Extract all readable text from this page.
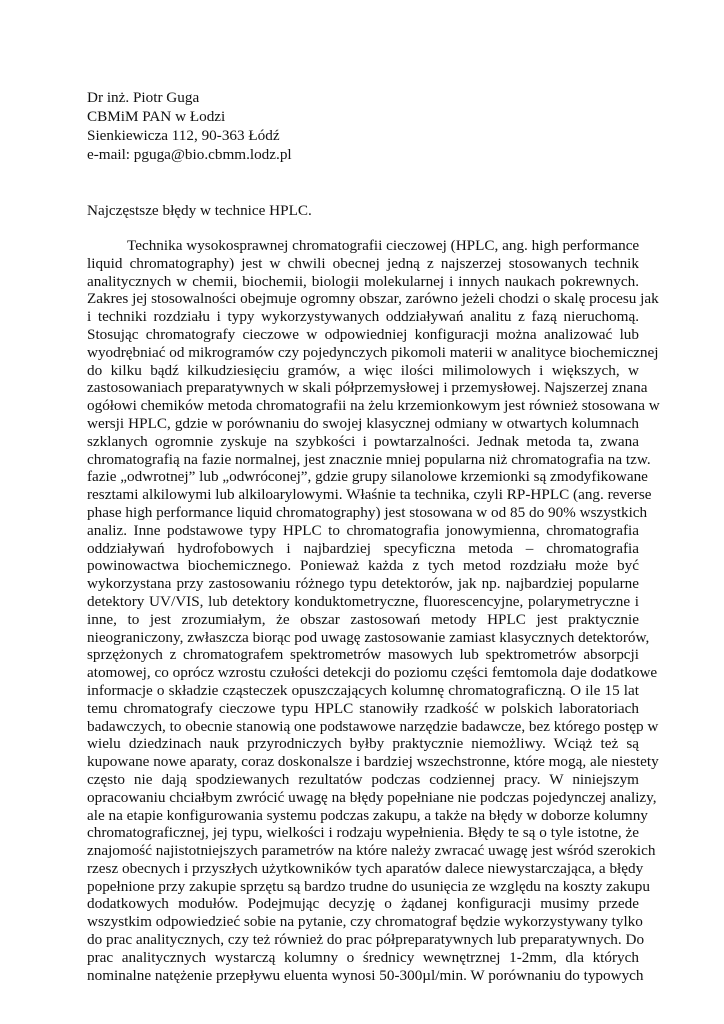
Dr inż. Piotr Guga

CBMiM PAN w Łodzi

Sienkiewicza 112, 90-363 Łódź

e-mail: pguga@bio.cbmm.lodz.pl

Najczęstsze błędy w technice HPLC.

Technika wysokosprawnej chromatografii cieczowej (HPLC, ang. high performance
liquid chromatography) jest w chwili obecnej jedną z najszerzej stosowanych technik
analitycznych w chemii, biochemii, biologii molekularnej i innych naukach pokrewnych.
Zakres jej stosowalności obejmuje ogromny obszar, zarówno jeżeli chodzi o skalę procesu jak
i techniki rozdziału i typy wykorzystywanych oddziaływań analitu z fazą nieruchomą.
Stosując chromatografy cieczowe w odpowiedniej konfiguracji można analizować lub
wyodrębniać od mikrogramów czy pojedynczych pikomoli materii w analityce biochemicznej
do kilku bądź kilkudziesięciu gramów, a więc ilości milimolowych i większych, w
zastosowaniach preparatywnych w skali półprzemysłowej i przemysłowej. Najszerzej znana
ogółowi chemików metoda chromatografii na żelu krzemionkowym jest również stosowana w
wersji HPLC, gdzie w porównaniu do swojej klasycznej odmiany w otwartych kolumnach
szklanych ogromnie zyskuje na szybkości i powtarzalności. Jednak metoda ta, zwana
chromatografią na fazie normalnej, jest znacznie mniej popularna niż chromatografia na tzw.
fazie „odwrotnej” lub „odwróconej”, gdzie grupy silanolowe krzemionki są zmodyfikowane
resztami alkilowymi lub alkiloarylowymi. Właśnie ta technika, czyli RP-HPLC (ang. reverse
phase high performance liquid chromatography) jest stosowana w od 85 do 90% wszystkich
analiz. Inne podstawowe typy HPLC to chromatografia jonowymienna, chromatografia
oddziaływań hydrofobowych i najbardziej specyficzna metoda – chromatografia
powinowactwa biochemicznego. Ponieważ każda z tych metod rozdziału może być
wykorzystana przy zastosowaniu różnego typu detektorów, jak np. najbardziej popularne
detektory UV/VIS, lub detektory konduktometryczne, fluorescencyjne, polarymetryczne i
inne, to jest zrozumiałym, że obszar zastosowań metody HPLC jest praktycznie
nieograniczony, zwłaszcza biorąc pod uwagę zastosowanie zamiast klasycznych detektorów,
sprzężonych z chromatografem spektrometrów masowych lub spektrometrów absorpcji
atomowej, co oprócz wzrostu czułości detekcji do poziomu części femtomola daje dodatkowe
informacje o składzie cząsteczek opuszczających kolumnę chromatograficzną. O ile 15 lat
temu chromatografy cieczowe typu HPLC stanowiły rzadkość w polskich laboratoriach
badawczych, to obecnie stanowią one podstawowe narzędzie badawcze, bez którego postęp w
wielu dziedzinach nauk przyrodniczych byłby praktycznie niemożliwy. Wciąż też są
kupowane nowe aparaty, coraz doskonalsze i bardziej wszechstronne, które mogą, ale niestety
często nie dają spodziewanych rezultatów podczas codziennej pracy. W niniejszym
opracowaniu chciałbym zwrócić uwagę na błędy popełniane nie podczas pojedynczej analizy,
ale na etapie konfigurowania systemu podczas zakupu, a także na błędy w doborze kolumny
chromatograficznej, jej typu, wielkości i rodzaju wypełnienia. Błędy te są o tyle istotne, że
znajomość najistotniejszych parametrów na które należy zwracać uwagę jest wśród szerokich
rzesz obecnych i przyszłych użytkowników tych aparatów dalece niewystarczająca, a błędy
popełnione przy zakupie sprzętu są bardzo trudne do usunięcia ze względu na koszty zakupu
dodatkowych modułów. Podejmując decyzję o żądanej konfiguracji musimy przede
wszystkim odpowiedzieć sobie na pytanie, czy chromatograf będzie wykorzystywany tylko
do prac analitycznych, czy też również do prac półpreparatywnych lub preparatywnych. Do
prac analitycznych wystarczą kolumny o średnicy wewnętrznej 1-2mm, dla których
nominalne natężenie przepływu eluenta wynosi 50-300µl/min. W porównaniu do typowych
